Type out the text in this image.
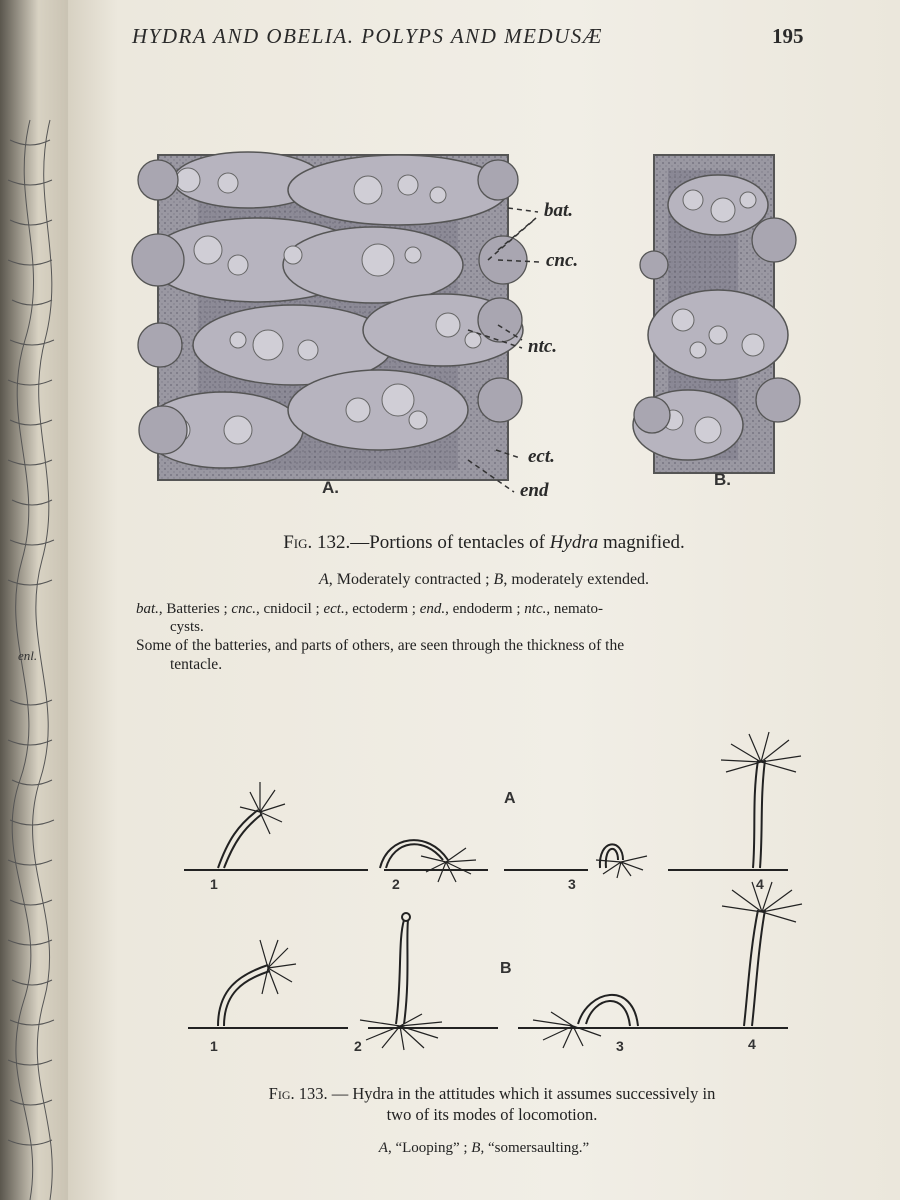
enl.
HYDRA AND OBELIA. POLYPS AND MEDUSÆ	195
bat.
cnc.
ntc.
ect.
end
A.	B.
Fig. 132.—Portions of tentacles of Hydra magnified.
A, Moderately contracted ; B, moderately extended.
bat., Batteries ; cnc., cnidocil ; ect., ectoderm ; end., endoderm ; ntc., nemato-
cysts.
Some of the batteries, and parts of others, are seen through the thickness of the
tentacle.
A
B
1	2	3	4
1	2	3	4
Fig. 133. — Hydra in the attitudes which it assumes successively in
two of its modes of locomotion.
A, “Looping” ; B, “somersaulting.”
